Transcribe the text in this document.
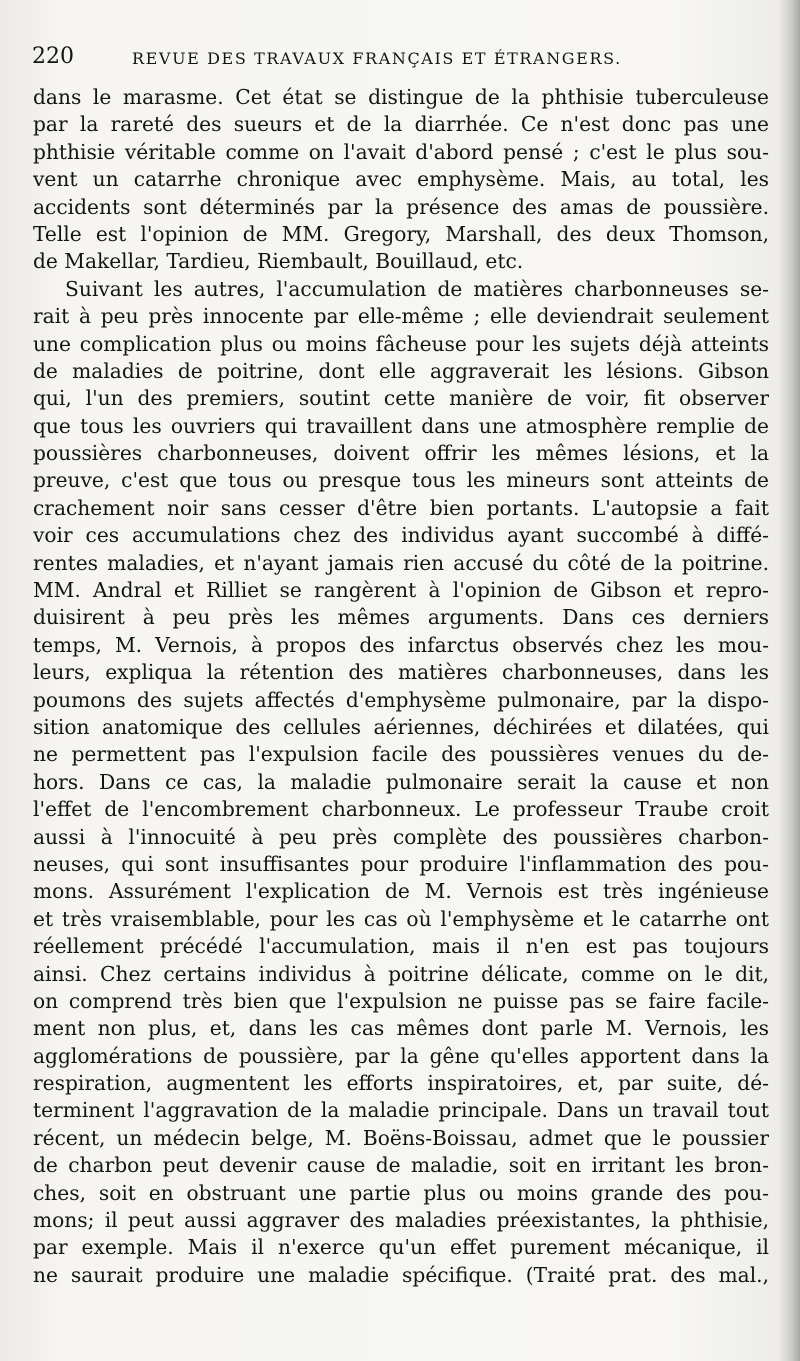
220	REVUE DES TRAVAUX FRANÇAIS ET ÉTRANGERS.
dans le marasme. Cet état se distingue de la phthisie tuberculeuse
par la rareté des sueurs et de la diarrhée. Ce n'est donc pas une
phthisie véritable comme on l'avait d'abord pensé ; c'est le plus sou-
vent un catarrhe chronique avec emphysème. Mais, au total, les
accidents sont déterminés par la présence des amas de poussière.
Telle est l'opinion de MM. Gregory, Marshall, des deux Thomson,
de Makellar, Tardieu, Riembault, Bouillaud, etc.
Suivant les autres, l'accumulation de matières charbonneuses se-
rait à peu près innocente par elle-même ; elle deviendrait seulement
une complication plus ou moins fâcheuse pour les sujets déjà atteints
de maladies de poitrine, dont elle aggraverait les lésions. Gibson
qui, l'un des premiers, soutint cette manière de voir, fit observer
que tous les ouvriers qui travaillent dans une atmosphère remplie de
poussières charbonneuses, doivent offrir les mêmes lésions, et la
preuve, c'est que tous ou presque tous les mineurs sont atteints de
crachement noir sans cesser d'être bien portants. L'autopsie a fait
voir ces accumulations chez des individus ayant succombé à diffé-
rentes maladies, et n'ayant jamais rien accusé du côté de la poitrine.
MM. Andral et Rilliet se rangèrent à l'opinion de Gibson et repro-
duisirent à peu près les mêmes arguments. Dans ces derniers
temps, M. Vernois, à propos des infarctus observés chez les mou-
leurs, expliqua la rétention des matières charbonneuses, dans les
poumons des sujets affectés d'emphysème pulmonaire, par la dispo-
sition anatomique des cellules aériennes, déchirées et dilatées, qui
ne permettent pas l'expulsion facile des poussières venues du de-
hors. Dans ce cas, la maladie pulmonaire serait la cause et non
l'effet de l'encombrement charbonneux. Le professeur Traube croit
aussi à l'innocuité à peu près complète des poussières charbon-
neuses, qui sont insuffisantes pour produire l'inflammation des pou-
mons. Assurément l'explication de M. Vernois est très ingénieuse
et très vraisemblable, pour les cas où l'emphysème et le catarrhe ont
réellement précédé l'accumulation, mais il n'en est pas toujours
ainsi. Chez certains individus à poitrine délicate, comme on le dit,
on comprend très bien que l'expulsion ne puisse pas se faire facile-
ment non plus, et, dans les cas mêmes dont parle M. Vernois, les
agglomérations de poussière, par la gêne qu'elles apportent dans la
respiration, augmentent les efforts inspiratoires, et, par suite, dé-
terminent l'aggravation de la maladie principale. Dans un travail tout
récent, un médecin belge, M. Boëns-Boissau, admet que le poussier
de charbon peut devenir cause de maladie, soit en irritant les bron-
ches, soit en obstruant une partie plus ou moins grande des pou-
mons; il peut aussi aggraver des maladies préexistantes, la phthisie,
par exemple. Mais il n'exerce qu'un effet purement mécanique, il
ne saurait produire une maladie spécifique. (Traité prat. des mal.,
